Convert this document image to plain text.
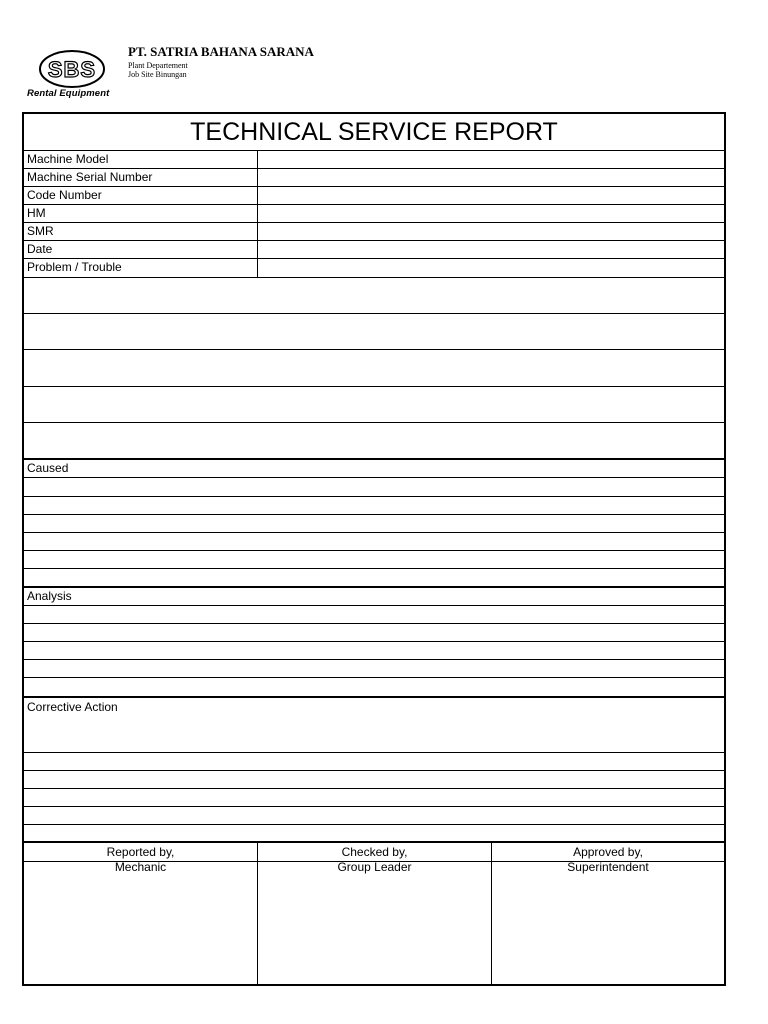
SBS
Rental Equipment
PT. SATRIA BAHANA SARANA
Plant Departement
Job Site Binungan
TECHNICAL SERVICE REPORT
Machine Model
Machine Serial Number
Code Number
HM
SMR
Date
Problem / Trouble
Caused
Analysis
Corrective Action
Reported by,
Mechanic
Checked by,
Group Leader
Approved by,
Superintendent
